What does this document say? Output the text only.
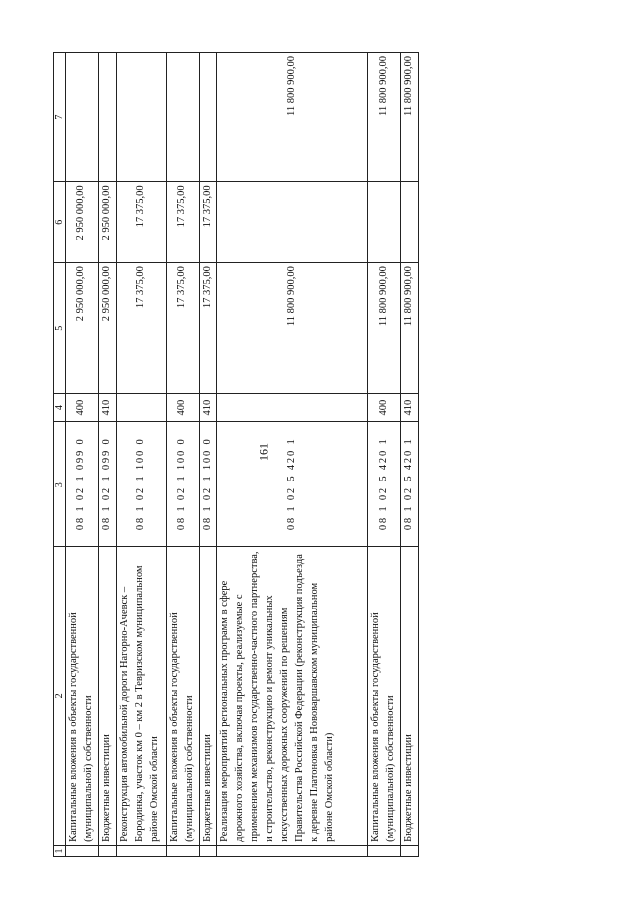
161
1	2	3	4	5	6	7
	Капитальные вложения в объекты государственной (муниципальной) собственности	08 1 02 1 099 0	400	2 950 000,00	2 950 000,00	
	Бюджетные инвестиции	08 1 02 1 099 0	410	2 950 000,00	2 950 000,00	
	Реконструкция автомобильной дороги Нагорно-Ачевск – Бородинка, участок км 0 – км 2 в Тевризском муниципальном районе Омской области	08 1 02 1 100 0		17 375,00	17 375,00	
	Капитальные вложения в объекты государственной (муниципальной) собственности	08 1 02 1 100 0	400	17 375,00	17 375,00	
	Бюджетные инвестиции	08 1 02 1 100 0	410	17 375,00	17 375,00	
	Реализация мероприятий региональных программ в сфере дорожного хозяйства, включая проекты, реализуемые с применением механизмов государственно-частного партнерства, и строительство, реконструкцию и ремонт уникальных искусственных дорожных сооружений по решениям Правительства Российской Федерации (реконструкция подъезда к деревне Платоновка в Нововаршавском муниципальном районе Омской области)	08 1 02 5 420 1		11 800 900,00		11 800 900,00
	Капитальные вложения в объекты государственной (муниципальной) собственности	08 1 02 5 420 1	400	11 800 900,00		11 800 900,00
	Бюджетные инвестиции	08 1 02 5 420 1	410	11 800 900,00		11 800 900,00
